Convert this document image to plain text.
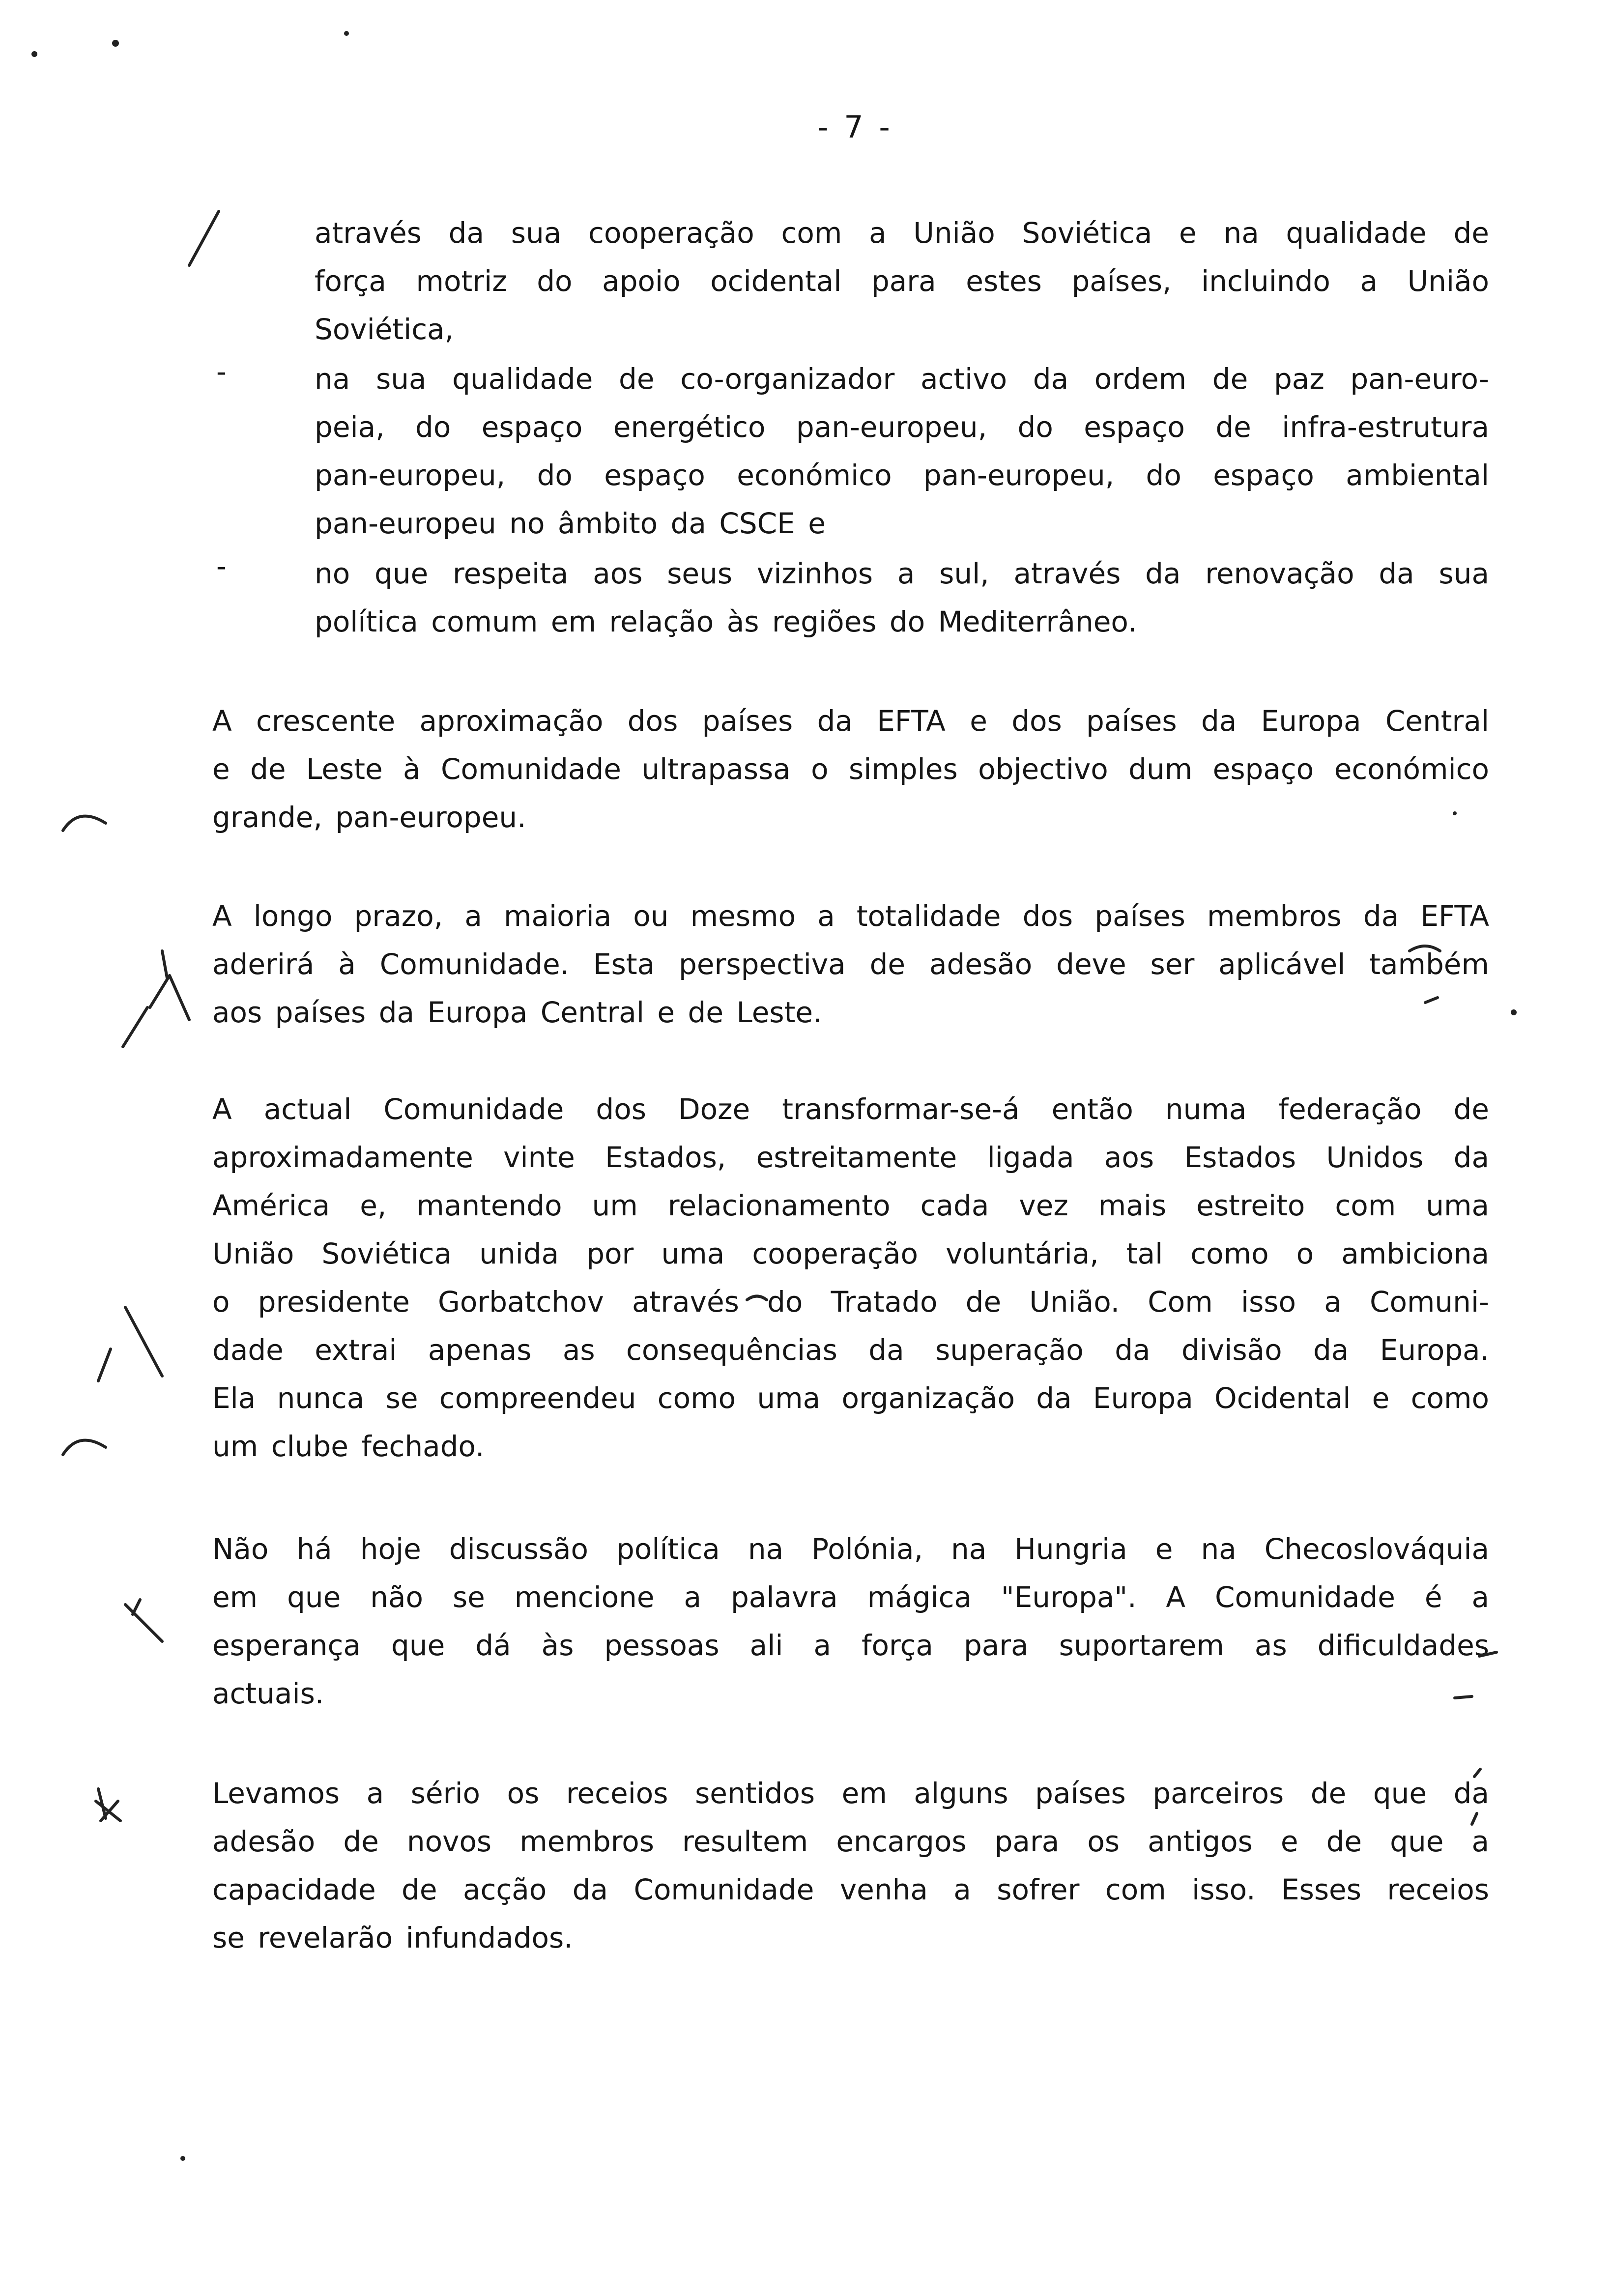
- 7 -
através da sua cooperação com a União Soviética e na qualidade de
força motriz do apoio ocidental para estes países, incluindo a União
Soviética,
-	na sua qualidade de co-organizador activo da ordem de paz pan-euro-
peia, do espaço energético pan-europeu, do espaço de infra-estrutura
pan-europeu, do espaço económico pan-europeu, do espaço ambiental
pan-europeu no âmbito da CSCE e
-	no que respeita aos seus vizinhos a sul, através da renovação da sua
política comum em relação às regiões do Mediterrâneo.
A crescente aproximação dos países da EFTA e dos países da Europa Central
e de Leste à Comunidade ultrapassa o simples objectivo dum espaço económico
grande, pan-europeu.
A longo prazo, a maioria ou mesmo a totalidade dos países membros da EFTA
aderirá à Comunidade. Esta perspectiva de adesão deve ser aplicável também
aos países da Europa Central e de Leste.
A actual Comunidade dos Doze transformar-se-á então numa federação de
aproximadamente vinte Estados, estreitamente ligada aos Estados Unidos da
América e, mantendo um relacionamento cada vez mais estreito com uma
União Soviética unida por uma cooperação voluntária, tal como o ambiciona
o presidente Gorbatchov através do Tratado de União. Com isso a Comuni-
dade extrai apenas as consequências da superação da divisão da Europa.
Ela nunca se compreendeu como uma organização da Europa Ocidental e como
um clube fechado.
Não há hoje discussão política na Polónia, na Hungria e na Checoslováquia
em que não se mencione a palavra mágica "Europa". A Comunidade é a
esperança que dá às pessoas ali a força para suportarem as dificuldades
actuais.
Levamos a sério os receios sentidos em alguns países parceiros de que da
adesão de novos membros resultem encargos para os antigos e de que a
capacidade de acção da Comunidade venha a sofrer com isso. Esses receios
se revelarão infundados.
